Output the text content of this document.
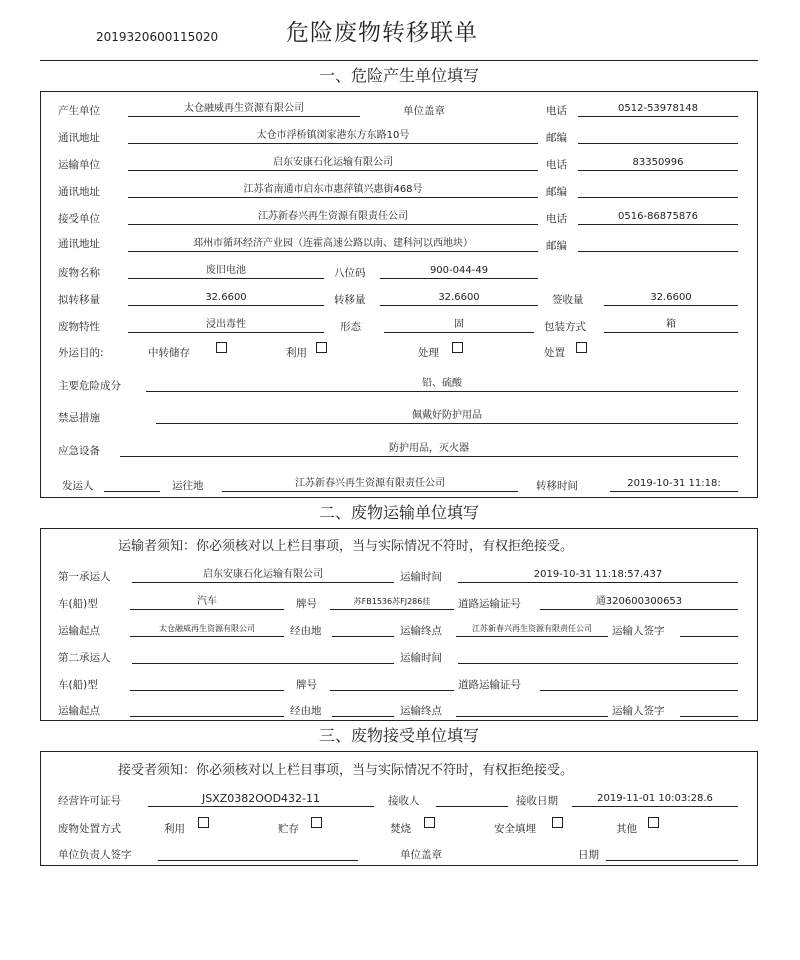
2019320600115020	危险废物转移联单
一、危险产生单位填写
产生单位	太仓融威再生资源有限公司	单位盖章	电话	0512-53978148
通讯地址	太仓市浮桥镇浏家港东方东路10号	邮编
运输单位	启东安康石化运输有限公司	电话	83350996
通讯地址	江苏省南通市启东市惠萍镇兴惠街468号	邮编
接受单位	江苏新春兴再生资源有限责任公司	电话	0516-86875876
通讯地址	邳州市循环经济产业园（连霍高速公路以南、建科河以西地块）	邮编
废物名称	废旧电池	八位码	900-044-49
拟转移量	32.6600	转移量	32.6600	签收量	32.6600
废物特性	浸出毒性	形态	固	包装方式	箱
外运目的:	中转储存	利用	处理	处置
主要危险成分	铅、硫酸
禁忌措施	佩戴好防护用品
应急设备	防护用品，灭火器
发运人	运往地	江苏新春兴再生资源有限责任公司	转移时间	2019-10-31 11:18:
二、废物运输单位填写
运输者须知：你必须核对以上栏目事项，当与实际情况不符时，有权拒绝接受。
第一承运人	启东安康石化运输有限公司	运输时间	2019-10-31 11:18:57.437
车(船)型	汽车	牌号	苏FB1536苏FJ286挂	道路运输证号	通320600300653
运输起点	太仓融威再生资源有限公司	经由地	运输终点	江苏新春兴再生资源有限责任公司	运输人签字
第二承运人	运输时间
车(船)型	牌号	道路运输证号
运输起点	经由地	运输终点	运输人签字
三、废物接受单位填写
接受者须知：你必须核对以上栏目事项，当与实际情况不符时，有权拒绝接受。
经营许可证号	JSXZ0382OOD432-11	接收人	接收日期	2019-11-01 10:03:28.6
废物处置方式	利用	贮存	焚烧	安全填埋	其他
单位负责人签字	单位盖章	日期
